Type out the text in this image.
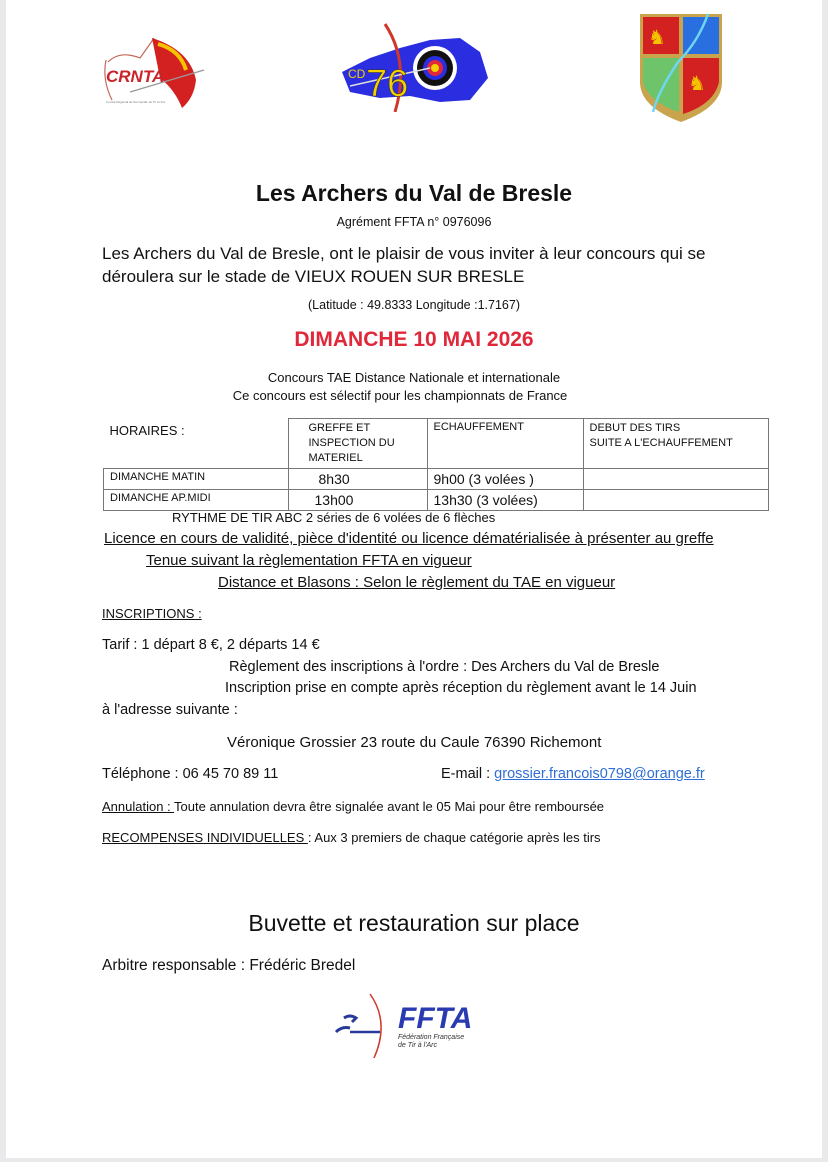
CRNTA
Comité Régional de Normandie de Tir à l'Arc
CD 76
♞
♞
Les Archers du Val de Bresle
Agrément FFTA n° 0976096
Les Archers du Val de Bresle, ont le plaisir de vous inviter à leur concours qui se
déroulera sur le stade de VIEUX ROUEN SUR BRESLE
(Latitude : 49.8333 Longitude :1.7167)
DIMANCHE 10 MAI 2026
Concours TAE Distance Nationale et internationale
Ce concours est sélectif pour les championnats de France
HORAIRES :	GREFFE ET
INSPECTION DU
MATERIEL
	ECHAUFFEMENT	DEBUT DES TIRS
SUITE A L'ECHAUFFEMENT

DIMANCHE MATIN	8h30	9h00 (3 volées )	
DIMANCHE AP.MIDI	13h00	13h30 (3 volées)	
RYTHME DE TIR ABC 2 séries de 6 volées de 6 flèches
Licence en cours de validité, pièce d'identité ou licence dématérialisée à présenter au greffe
Tenue suivant la règlementation FFTA en vigueur
Distance et Blasons : Selon le règlement du TAE en vigueur
INSCRIPTIONS :
Tarif : 1 départ 8 €, 2 départs 14 €
Règlement des inscriptions à l'ordre : Des Archers du Val de Bresle
Inscription prise en compte après réception du règlement avant le 14 Juin
à l'adresse suivante :
Véronique Grossier 23 route du Caule 76390 Richemont
Téléphone : 06 45 70 89 11	E-mail : grossier.francois0798@orange.fr
Annulation : Toute annulation devra être signalée avant le 05 Mai pour être remboursée
RECOMPENSES INDIVIDUELLES : Aux 3 premiers de chaque catégorie après les tirs
Buvette et restauration sur place
Arbitre responsable : Frédéric Bredel
FFTA
Fédération Française
de Tir à l'Arc
